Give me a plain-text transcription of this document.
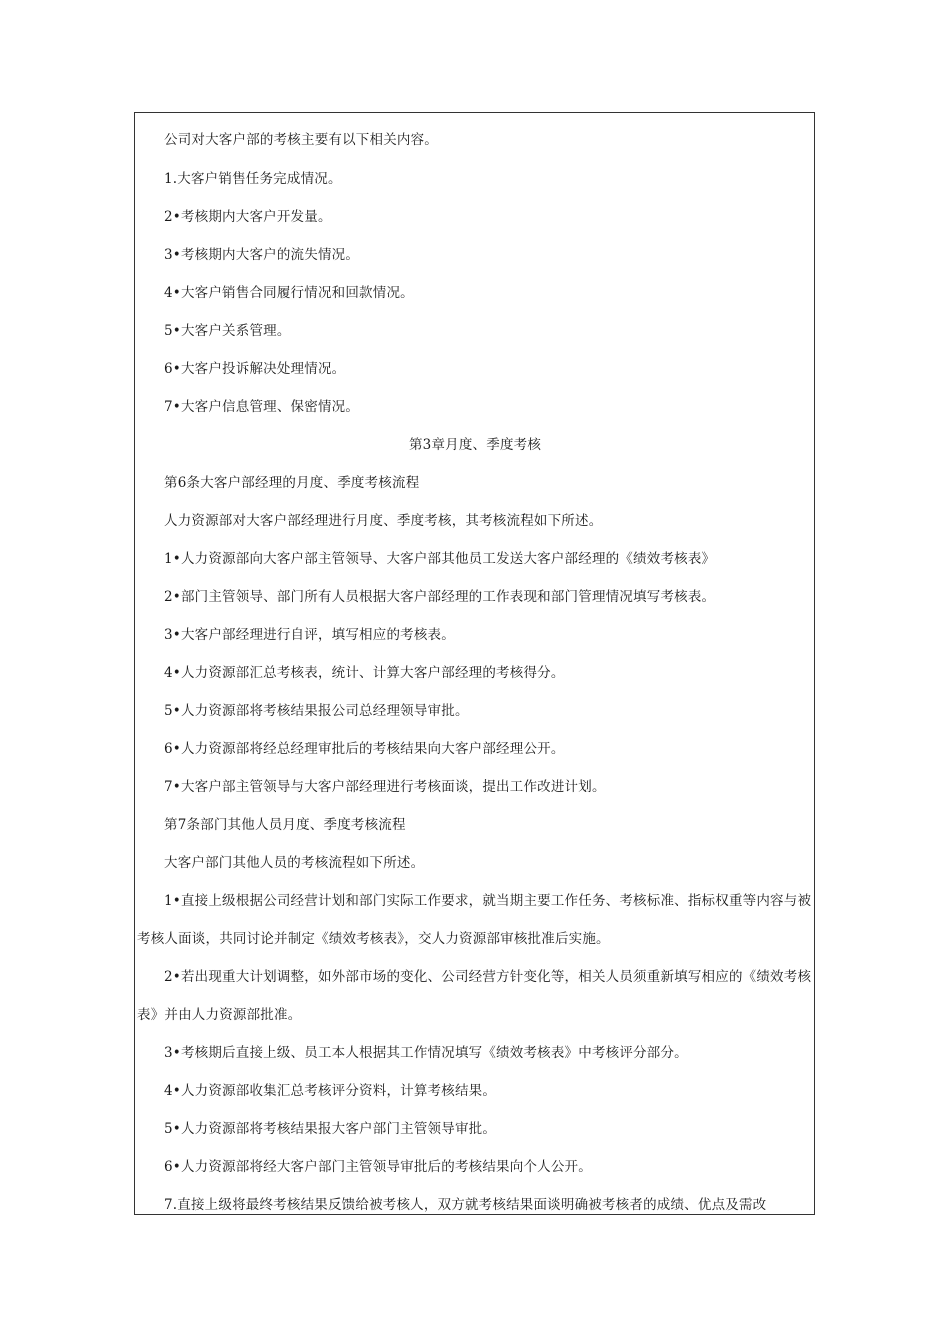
公司对大客户部的考核主要有以下相关内容。
1.大客户销售任务完成情况。
2•考核期内大客户开发量。
3•考核期内大客户的流失情况。
4•大客户销售合同履行情况和回款情况。
5•大客户关系管理。
6•大客户投诉解决处理情况。
7•大客户信息管理、保密情况。
第3章月度、季度考核
第6条大客户部经理的月度、季度考核流程
人力资源部对大客户部经理进行月度、季度考核，其考核流程如下所述。
1•人力资源部向大客户部主管领导、大客户部其他员工发送大客户部经理的《绩效考核表》
2•部门主管领导、部门所有人员根据大客户部经理的工作表现和部门管理情况填写考核表。
3•大客户部经理进行自评，填写相应的考核表。
4•人力资源部汇总考核表，统计、计算大客户部经理的考核得分。
5•人力资源部将考核结果报公司总经理领导审批。
6•人力资源部将经总经理审批后的考核结果向大客户部经理公开。
7•大客户部主管领导与大客户部经理进行考核面谈，提出工作改进计划。
第7条部门其他人员月度、季度考核流程
大客户部门其他人员的考核流程如下所述。
1•直接上级根据公司经营计划和部门实际工作要求，就当期主要工作任务、考核标准、指标权重等内容与被
考核人面谈，共同讨论并制定《绩效考核表》，交人力资源部审核批准后实施。
2•若出现重大计划调整，如外部市场的变化、公司经营方针变化等，相关人员须重新填写相应的《绩效考核
表》并由人力资源部批准。
3•考核期后直接上级、员工本人根据其工作情况填写《绩效考核表》中考核评分部分。
4•人力资源部收集汇总考核评分资料，计算考核结果。
5•人力资源部将考核结果报大客户部门主管领导审批。
6•人力资源部将经大客户部门主管领导审批后的考核结果向个人公开。
7.直接上级将最终考核结果反馈给被考核人，双方就考核结果面谈明确被考核者的成绩、优点及需改
